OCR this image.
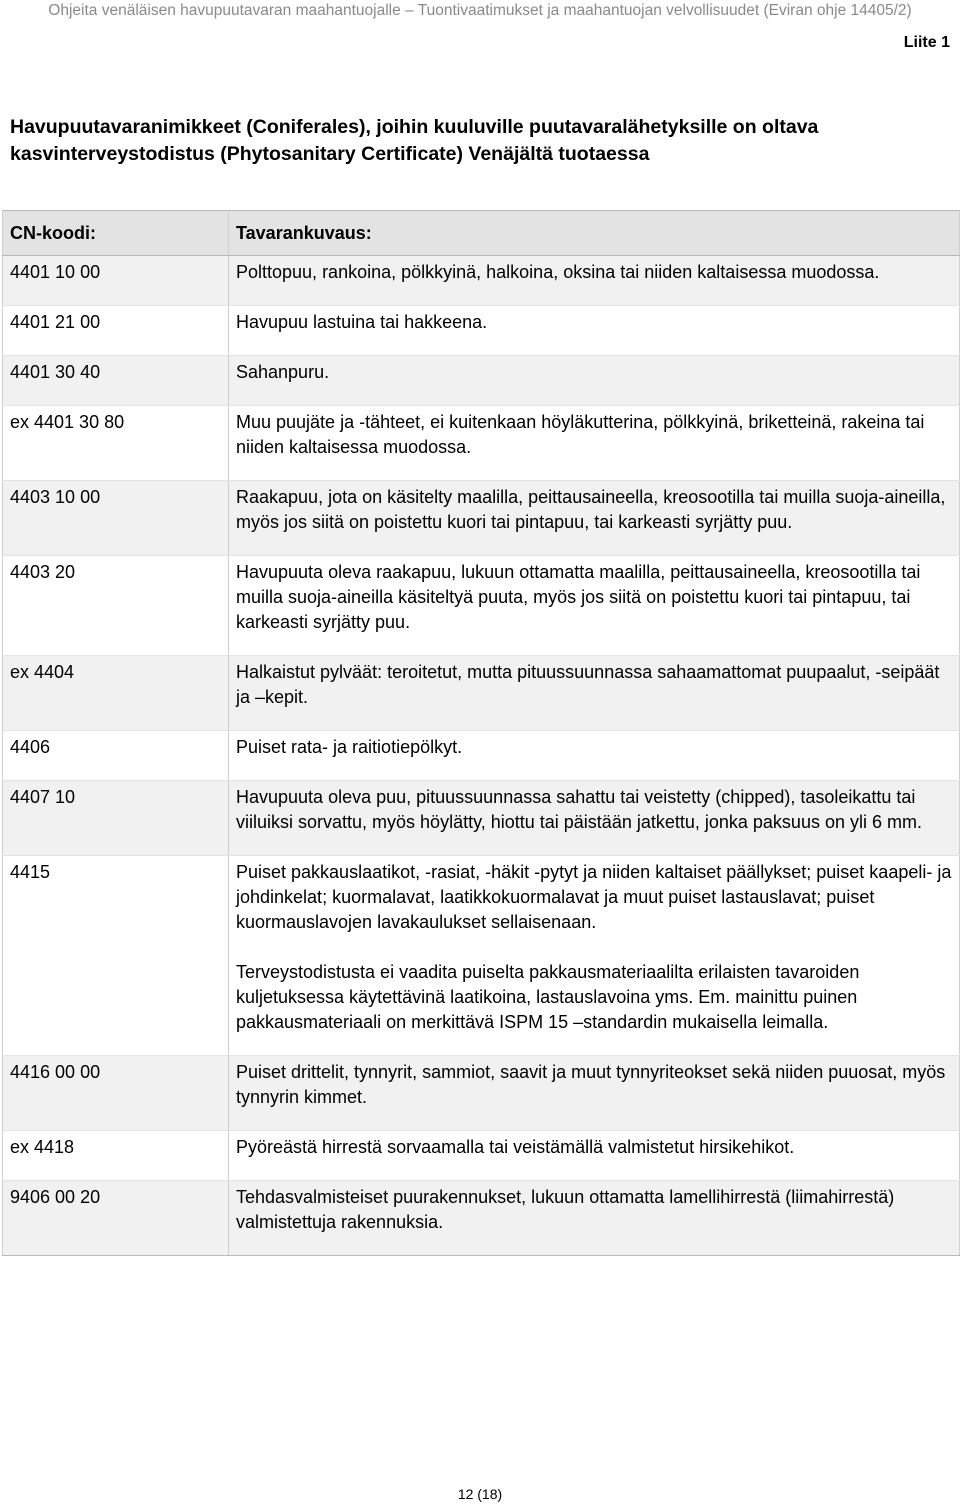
Ohjeita venäläisen havupuutavaran maahantuojalle – Tuontivaatimukset ja maahantuojan velvollisuudet (Eviran ohje 14405/2)
Liite 1
Havupuutavaranimikkeet (Coniferales), joihin kuuluville puutavaralähetyksille on oltava kasvinterveystodistus (Phytosanitary Certificate) Venäjältä tuotaessa
CN-koodi:	Tavarankuvaus:
4401 10 00	Polttopuu, rankoina, pölkkyinä, halkoina, oksina tai niiden kaltaisessa muodossa.

4401 21 00	Havupuu lastuina tai hakkeena.

4401 30 40	Sahanpuru.

ex 4401 30 80	Muu puujäte ja -tähteet, ei kuitenkaan höyläkutterina, pölkkyinä, briketteinä, rakeina tai niiden kaltaisessa muodossa.

4403 10 00	Raakapuu, jota on käsitelty maalilla, peittausaineella, kreosootilla tai muilla suoja-aineilla, myös jos siitä on poistettu kuori tai pintapuu, tai karkeasti syrjätty puu.

4403 20	Havupuuta oleva raakapuu, lukuun ottamatta maalilla, peittausaineella, kreosootilla tai muilla suoja-aineilla käsiteltyä puuta, myös jos siitä on poistettu kuori tai pintapuu, tai karkeasti syrjätty puu.

ex 4404	Halkaistut pylväät: teroitetut, mutta pituussuunnassa sahaamattomat puupaalut, -seipäät ja –kepit.

4406	Puiset rata- ja raitiotiepölkyt.

4407 10	Havupuuta oleva puu, pituussuunnassa sahattu tai veistetty (chipped), tasoleikattu tai viiluiksi sorvattu, myös höylätty, hiottu tai päistään jatkettu, jonka paksuus on yli 6 mm.

4415	Puiset pakkauslaatikot, -rasiat, -häkit -pytyt ja niiden kaltaiset päällykset; puiset kaapeli- ja johdinkelat; kuormalavat, laatikkokuormalavat ja muut puiset lastauslavat; puiset kuormauslavojen lavakaulukset sellaisenaan.

Terveystodistusta ei vaadita puiselta pakkausmateriaalilta erilaisten tavaroiden kuljetuksessa käytettävinä laatikoina, lastauslavoina yms. Em. mainittu puinen pakkausmateriaali on merkittävä ISPM 15 –standardin mukaisella leimalla.

4416 00 00	Puiset drittelit, tynnyrit, sammiot, saavit ja muut tynnyriteokset sekä niiden puuosat, myös tynnyrin kimmet.

ex 4418	Pyöreästä hirrestä sorvaamalla tai veistämällä valmistetut hirsikehikot.

9406 00 20	Tehdasvalmisteiset puurakennukset, lukuun ottamatta lamellihirrestä (liimahirrestä) valmistettuja rakennuksia.

12 (18)
